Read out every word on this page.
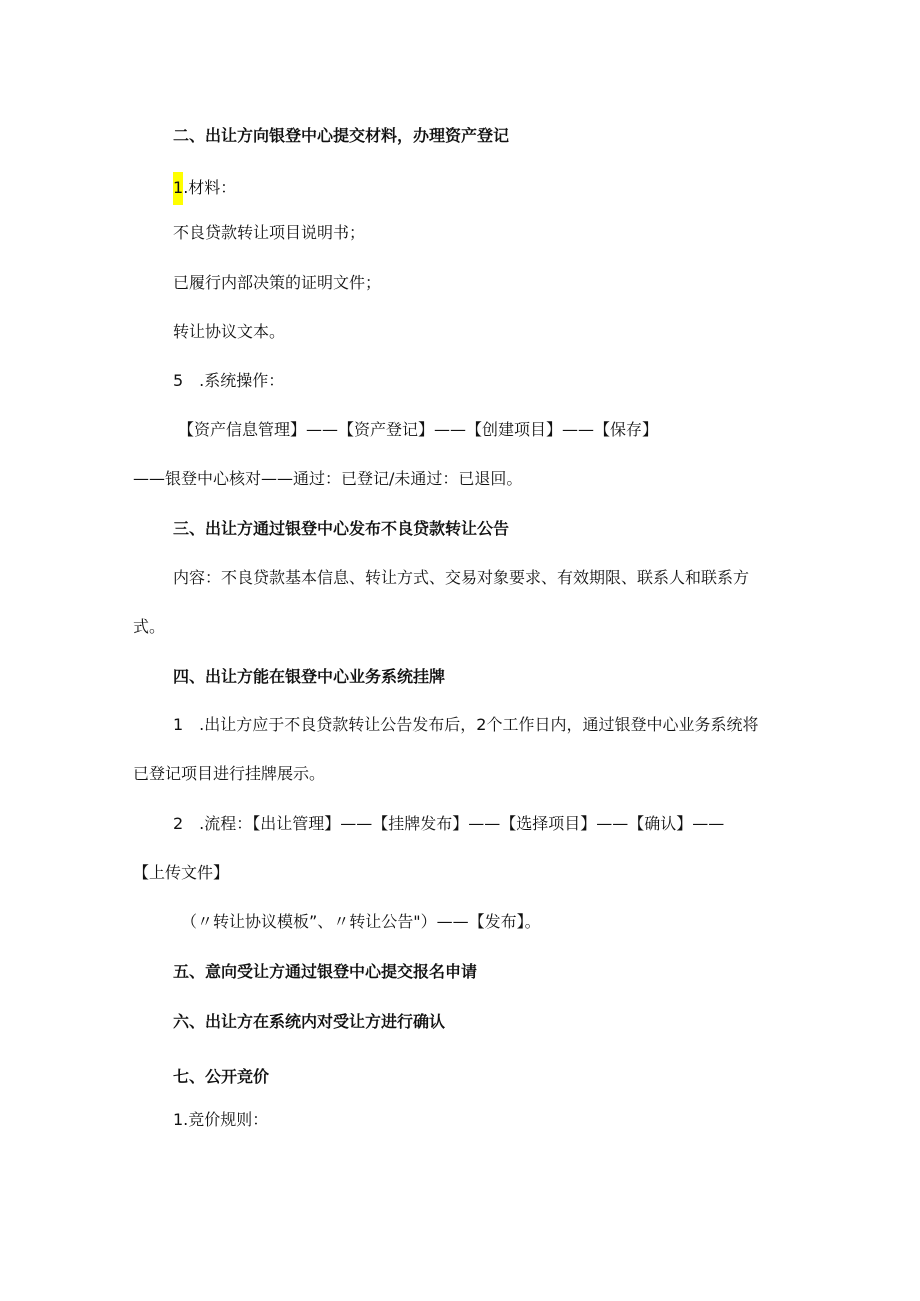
二、出让方向银登中心提交材料，办理资产登记

1.材料：

不良贷款转让项目说明书；

已履行内部决策的证明文件；

转让协议文本。

5　.系统操作：

【资产信息管理】——【资产登记】——【创建项目】——【保存】

——银登中心核对——通过：已登记/未通过：已退回。

三、出让方通过银登中心发布不良贷款转让公告

内容：不良贷款基本信息、转让方式、交易对象要求、有效期限、联系人和联系方

式。

四、出让方能在银登中心业务系统挂牌

1　.出让方应于不良贷款转让公告发布后，2个工作日内，通过银登中心业务系统将

已登记项目进行挂牌展示。

2　.流程：【出让管理】——【挂牌发布】——【选择项目】——【确认】——

【上传文件】

（〃转让协议模板”、〃转让公告"）——【发布】。

五、意向受让方通过银登中心提交报名申请

六、出让方在系统内对受让方进行确认

七、公开竞价

1.竞价规则：
